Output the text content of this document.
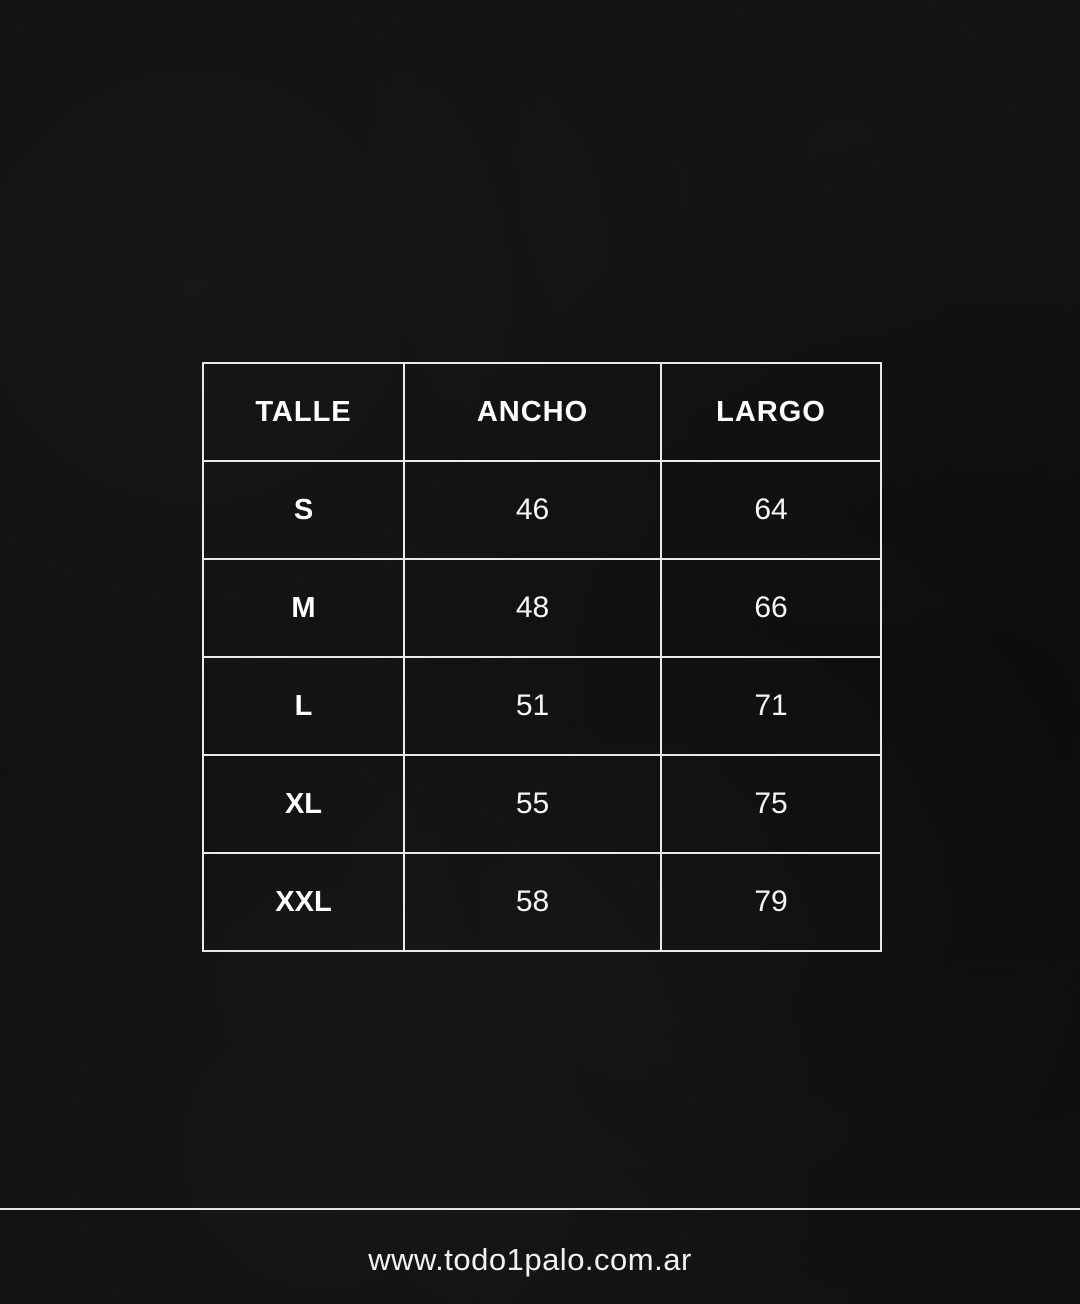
TALLE	ANCHO	LARGO
S	46	64
M	48	66
L	51	71
XL	55	75
XXL	58	79
www.todo1palo.com.ar
